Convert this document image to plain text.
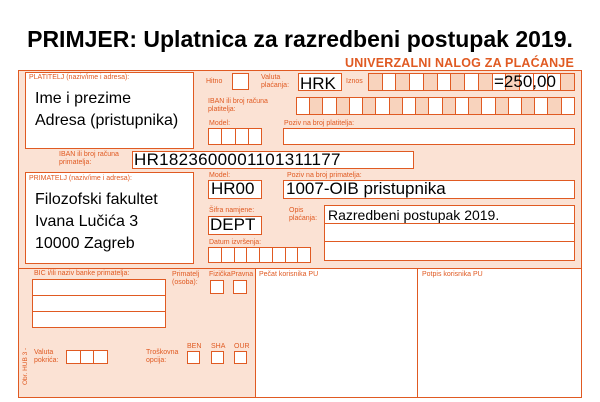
PRIMJER: Uplatnica za razredbeni postupak 2019.
UNIVERZALNI NALOG ZA PLAĆANJE
PLATITELJ (naziv/ime i adresa):
Ime i prezime
Adresa (pristupnika)
Hitno
Valuta plaćanja: HRK Iznos	=250,00
IBAN ili broj računa platitelja:
Model:	Poziv na broj platitelja:
IBAN ili broj računa primatelja:	HR1823600001101311177
PRIMATELJ (naziv/ime i adresa):
Filozofski fakultet
Ivana Lučića 3
10000 Zagreb
Model:
HR00
Poziv na broj primatelja:
1007-OIB pristupnika
Šifra namjene:
DEPT
Opis plaćanja: Razredbeni postupak 2019.
Datum izvršenja:
BIC i/ili naziv banke primatelja:	Primatelj (osoba):
Fizička Pravna
Valuta pokrića:
Troškovna opcija:
BEN SHA OUR
Pečat korisnika PU	Potpis korisnika PU
Obr. HUB 3 -
